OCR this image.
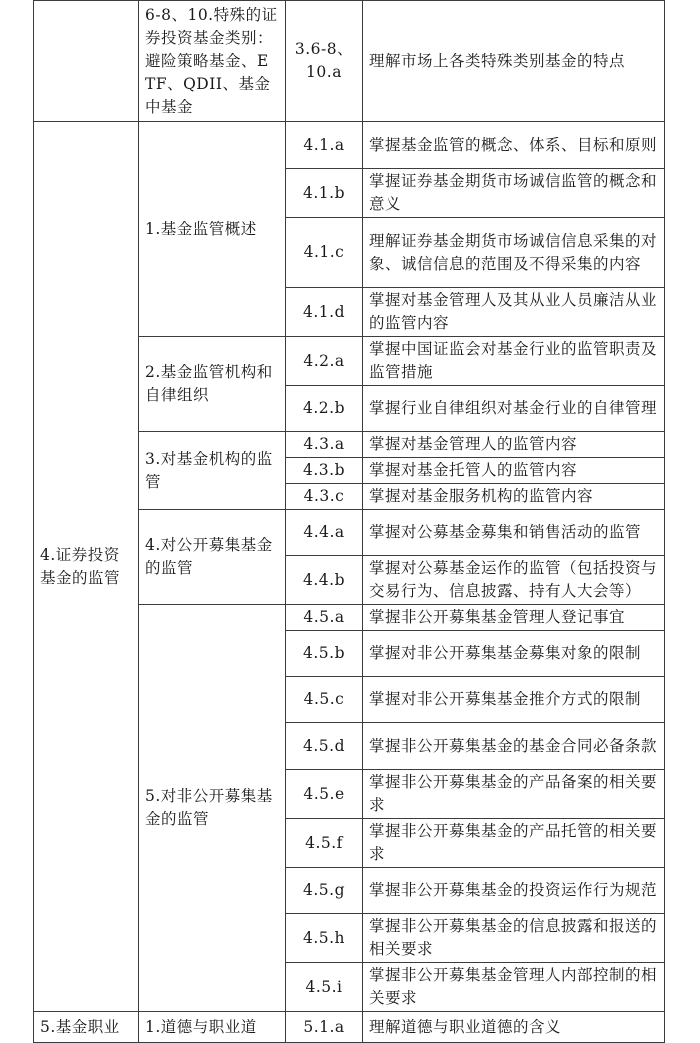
	6-8、10.特殊的证券投资基金类别：避险策略基金、ETF、QDII、基金中基金	3.6-8、10.a	理解市场上各类特殊类别基金的特点
4.证券投资基金的监管	1.基金监管概述	4.1.a	掌握基金监管的概念、体系、目标和原则
		4.1.b	掌握证券基金期货市场诚信监管的概念和意义
		4.1.c	理解证券基金期货市场诚信信息采集的对象、诚信信息的范围及不得采集的内容
		4.1.d	掌握对基金管理人及其从业人员廉洁从业的监管内容
	2.基金监管机构和自律组织	4.2.a	掌握中国证监会对基金行业的监管职责及监管措施
		4.2.b	掌握行业自律组织对基金行业的自律管理
	3.对基金机构的监管	4.3.a	掌握对基金管理人的监管内容
		4.3.b	掌握对基金托管人的监管内容
		4.3.c	掌握对基金服务机构的监管内容
	4.对公开募集基金的监管	4.4.a	掌握对公募基金募集和销售活动的监管
		4.4.b	掌握对公募基金运作的监管（包括投资与交易行为、信息披露、持有人大会等）
	5.对非公开募集基金的监管	4.5.a	掌握非公开募集基金管理人登记事宜
		4.5.b	掌握对非公开募集基金募集对象的限制
		4.5.c	掌握对非公开募集基金推介方式的限制
		4.5.d	掌握非公开募集基金的基金合同必备条款
		4.5.e	掌握非公开募集基金的产品备案的相关要求
		4.5.f	掌握非公开募集基金的产品托管的相关要求
		4.5.g	掌握非公开募集基金的投资运作行为规范
		4.5.h	掌握非公开募集基金的信息披露和报送的相关要求
		4.5.i	掌握非公开募集基金管理人内部控制的相关要求
5.基金职业	1.道德与职业道	5.1.a	理解道德与职业道德的含义
